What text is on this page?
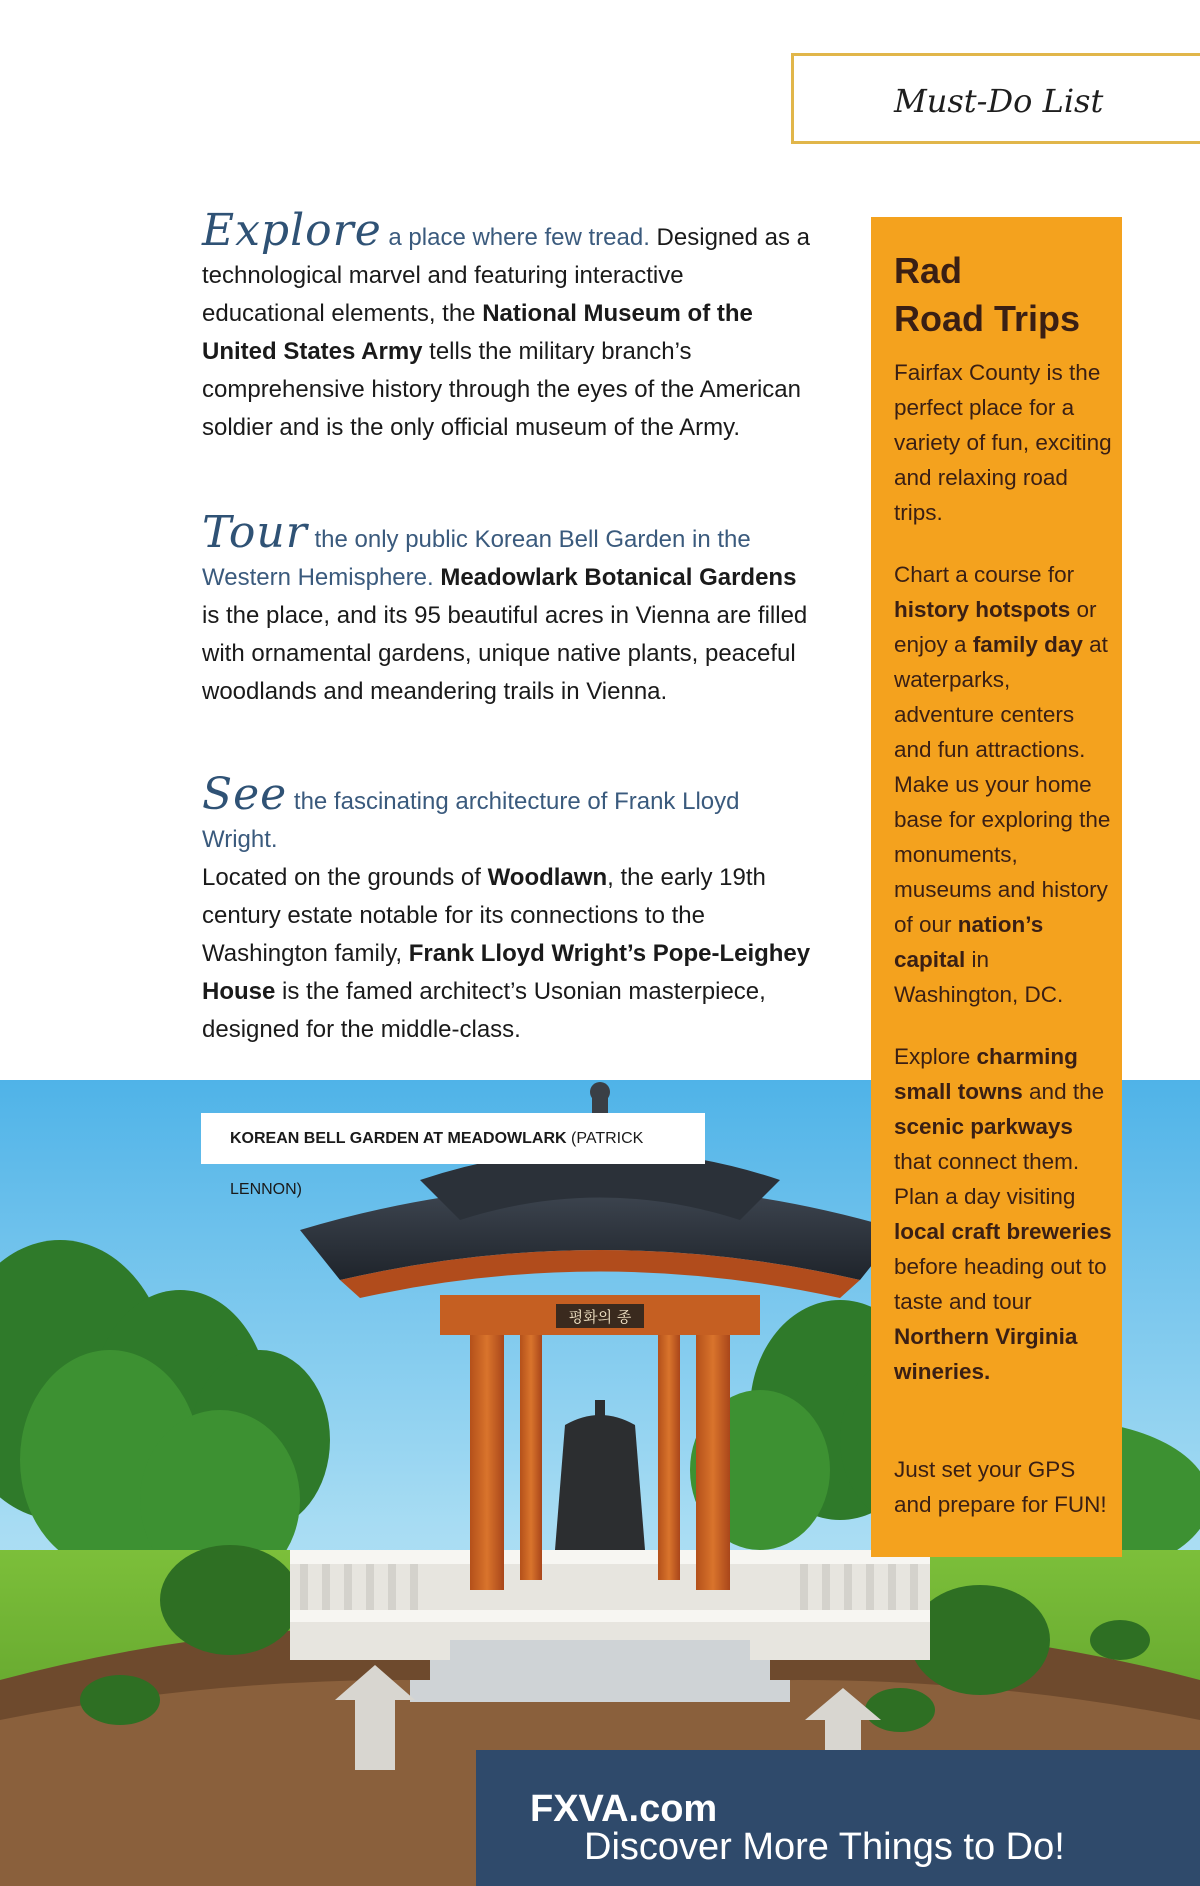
Must-Do List
Explore a place where few tread. Designed as a technological marvel and featuring interactive educational elements, the National Museum of the United States Army tells the military branch’s comprehensive history through the eyes of the American soldier and is the only official museum of the Army.
Tour the only public Korean Bell Garden in the Western Hemisphere. Meadowlark Botanical Gardens is the place, and its 95 beautiful acres in Vienna are filled with ornamental gardens, unique native plants, peaceful woodlands and meandering trails in Vienna.
See the fascinating architecture of Frank Lloyd Wright.
Located on the grounds of Woodlawn, the early 19th century estate notable for its connections to the Washington family, Frank Lloyd Wright’s Pope-Leighey House is the famed architect’s Usonian masterpiece, designed for the middle-class.
평화의 종
KOREAN BELL GARDEN AT MEADOWLARK (PATRICK LENNON)
Rad
Road Trips
Fairfax County is the perfect place for a variety of fun, exciting and relaxing road trips.
Chart a course for history hotspots or enjoy a family day at waterparks, adventure centers and fun attractions. Make us your home base for exploring the monuments, museums and history of our nation’s capital in Washington, DC.
Explore charming small towns and the scenic parkways that connect them. Plan a day visiting local craft breweries before heading out to taste and tour Northern Virginia wineries.
Just set your GPS and prepare for FUN!
Discover More Things to Do!
FXVA.com
